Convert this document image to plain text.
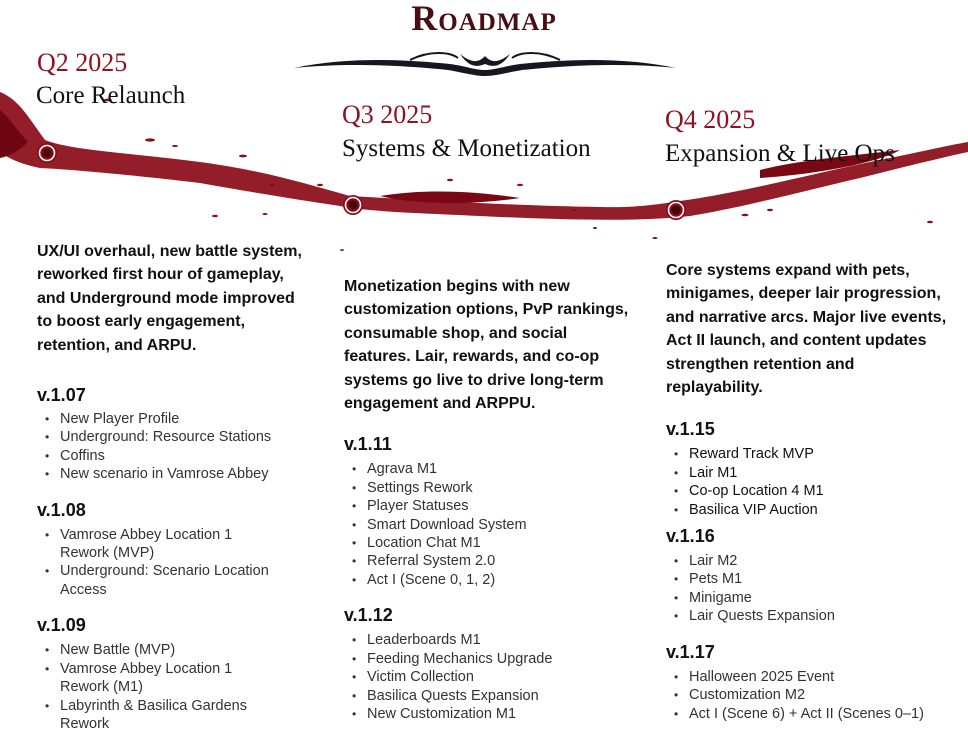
Roadmap
Q2 2025
Core Relaunch
Q3 2025
Systems & Monetization
Q4 2025
Expansion & Live Ops

UX/UI overhaul, new battle system, reworked first hour of gameplay, and Underground mode improved to boost early engagement, retention, and ARPU.

v.1.07
• New Player Profile
• Underground: Resource Stations
• Coffins
• New scenario in Vamrose Abbey
v.1.08
• Vamrose Abbey Location 1 Rework (MVP)
• Underground: Scenario Location Access
v.1.09
• New Battle (MVP)
• Vamrose Abbey Location 1 Rework (M1)
• Labyrinth & Basilica Gardens Rework

Monetization begins with new customization options, PvP rankings, consumable shop, and social features. Lair, rewards, and co-op systems go live to drive long-term engagement and ARPPU.

v.1.11
• Agrava M1
• Settings Rework
• Player Statuses
• Smart Download System
• Location Chat M1
• Referral System 2.0
• Act I (Scene 0, 1, 2)
v.1.12
• Leaderboards M1
• Feeding Mechanics Upgrade
• Victim Collection
• Basilica Quests Expansion
• New Customization M1

Core systems expand with pets, minigames, deeper lair progression, and narrative arcs. Major live events, Act II launch, and content updates strengthen retention and replayability.

v.1.15
• Reward Track MVP
• Lair M1
• Co-op Location 4 M1
• Basilica VIP Auction
v.1.16
• Lair M2
• Pets M1
• Minigame
• Lair Quests Expansion
v.1.17
• Halloween 2025 Event
• Customization M2
• Act I (Scene 6) + Act II (Scenes 0–1)
